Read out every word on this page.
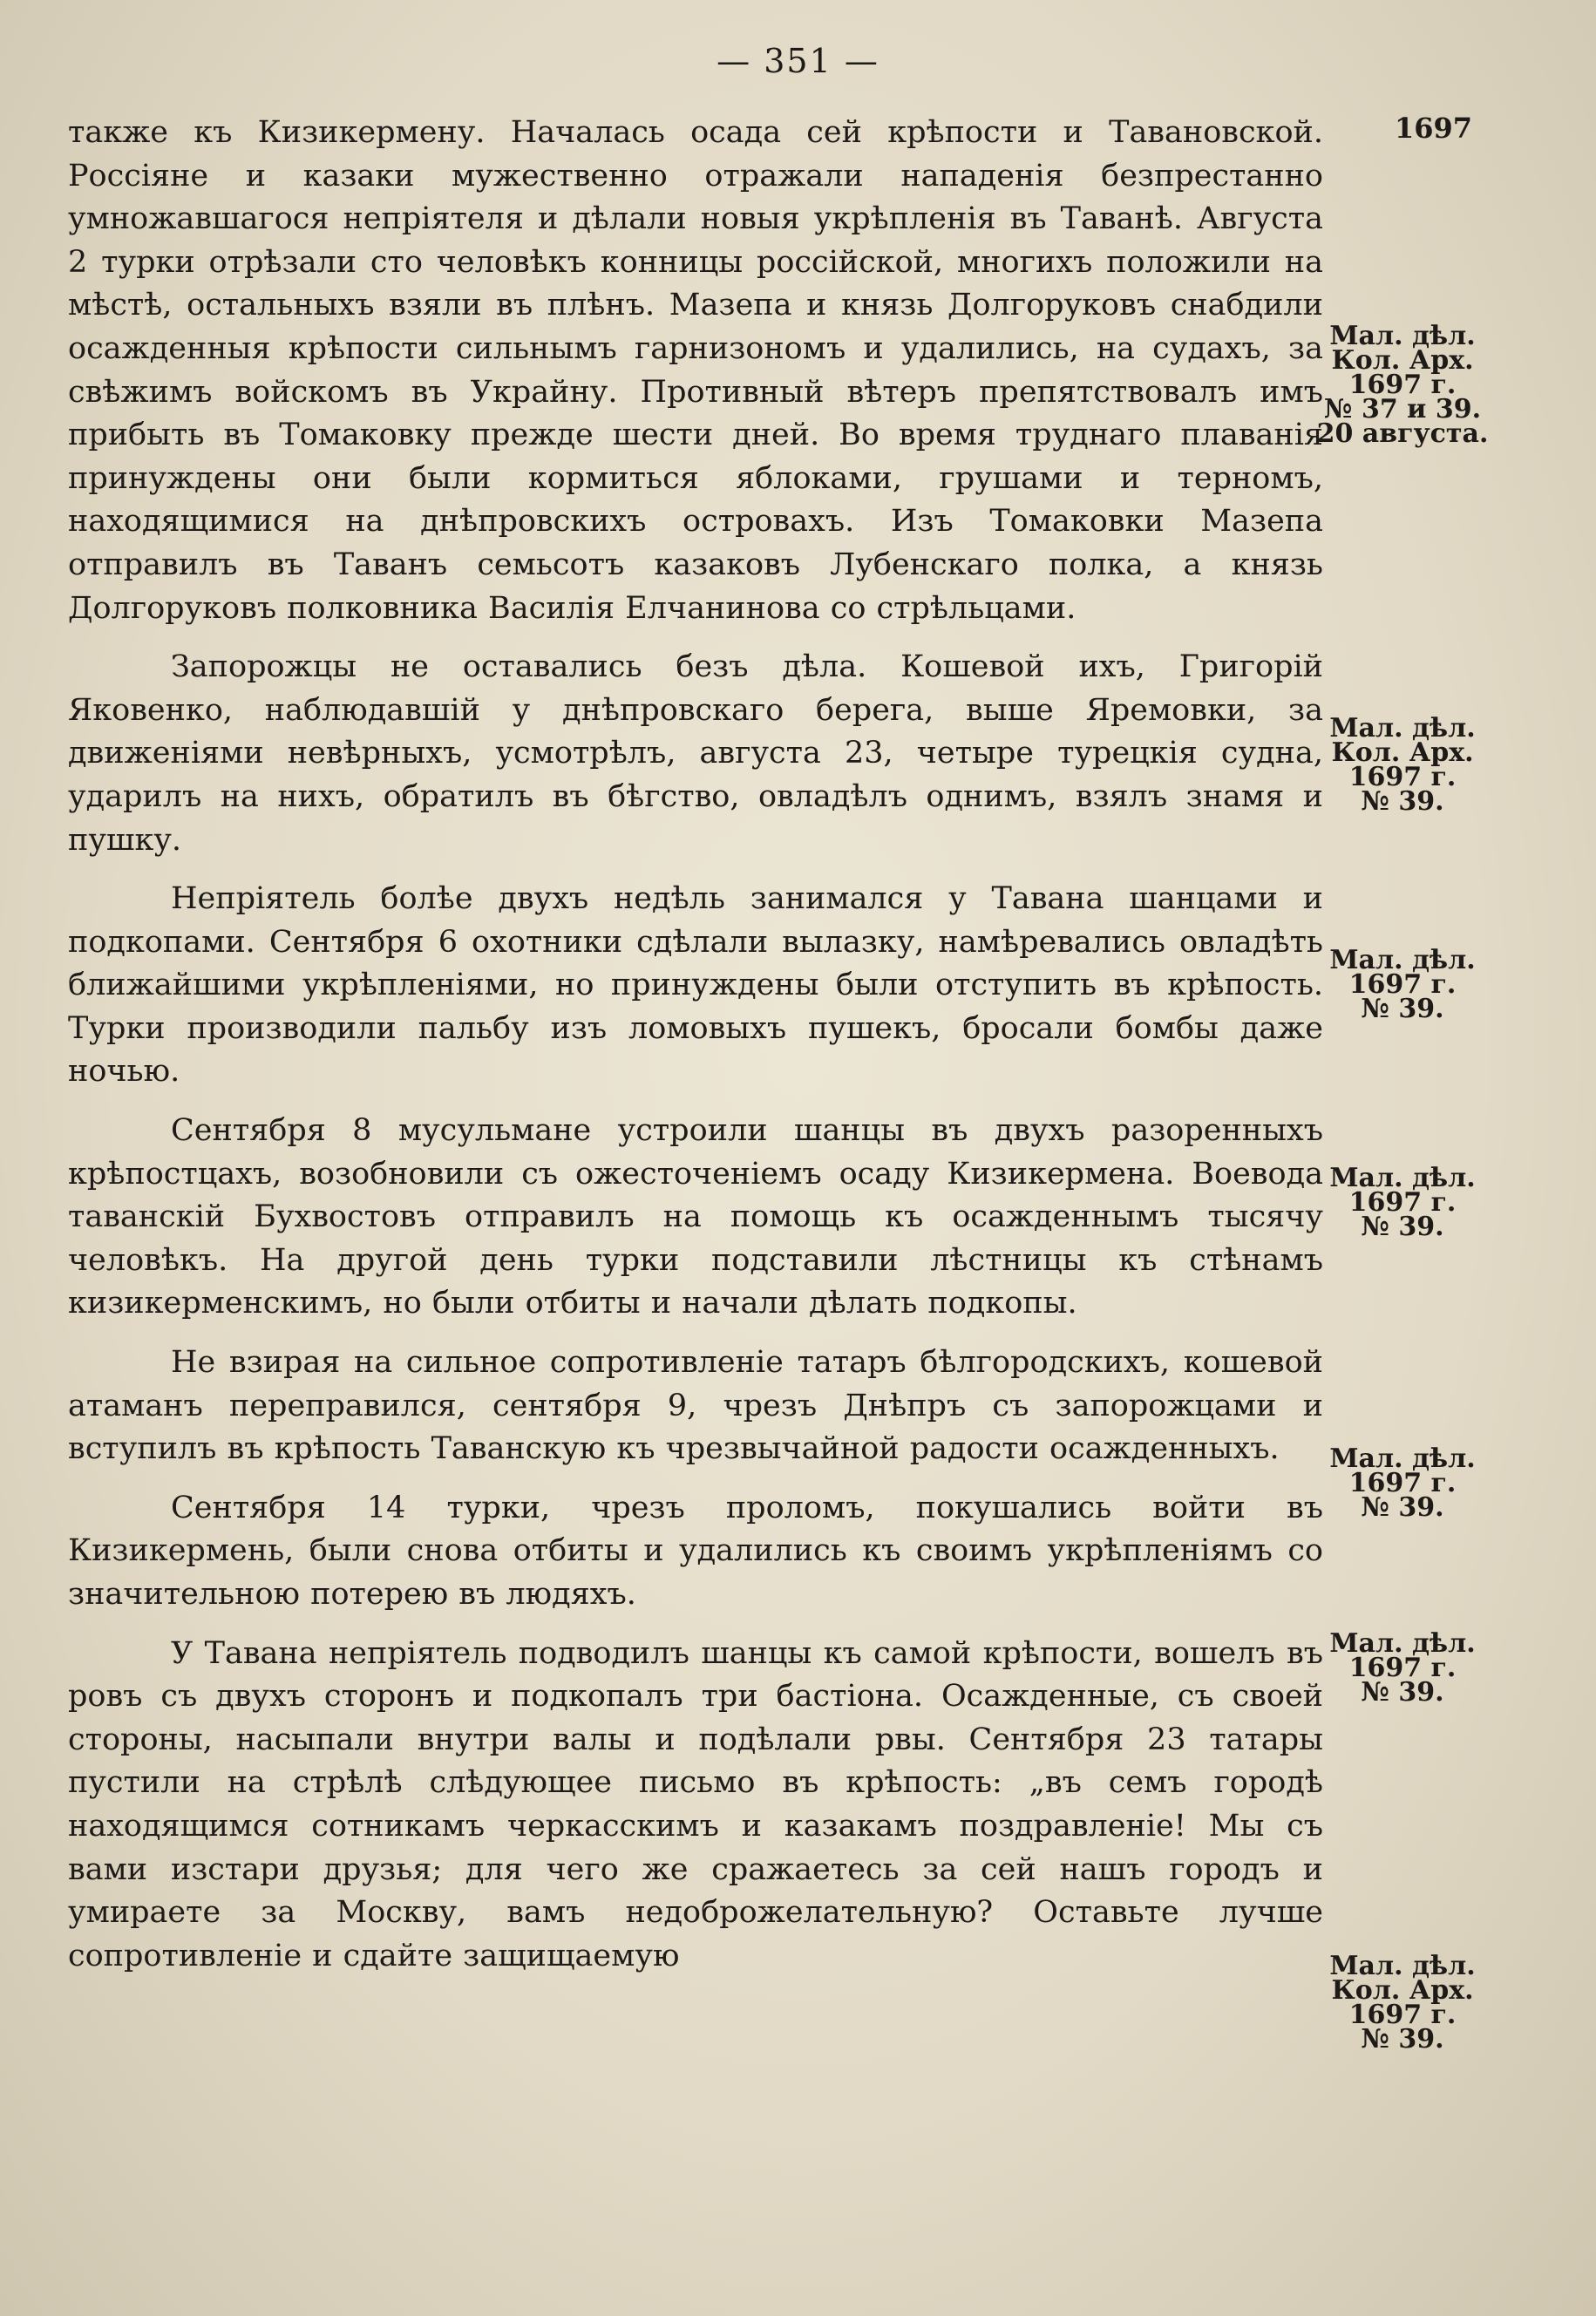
— 351 —
1697

также къ Кизикермену. Началась осада сей крѣпости и Тавановской. Россіяне и казаки мужественно отражали нападенія безпрестанно умножавшагося непріятеля и дѣлали новыя укрѣпленія въ Таванѣ. Августа 2 турки отрѣзали сто человѣкъ конницы россійской, многихъ положили на мѣстѣ, остальныхъ взяли въ плѣнъ. Мазепа и князь Долгоруковъ снабдили осажденныя крѣпости сильнымъ гарнизономъ и удалились, на судахъ, за свѣжимъ войскомъ въ Украйну. Противный вѣтеръ препятствовалъ имъ прибыть въ Томаковку прежде шести дней. Во время труднаго плаванія принуждены они были кормиться яблоками, грушами и терномъ, находящимися на днѣпровскихъ островахъ. Изъ Томаковки Мазепа отправилъ въ Таванъ семьсотъ казаковъ Лубенскаго полка, а князь Долгоруковъ полковника Василія Елчанинова со стрѣльцами.

Запорожцы не оставались безъ дѣла. Кошевой ихъ, Григорій Яковенко, наблюдавшій у днѣпровскаго берега, выше Яремовки, за движеніями невѣрныхъ, усмотрѣлъ, августа 23, четыре турецкія судна, ударилъ на нихъ, обратилъ въ бѣгство, овладѣлъ однимъ, взялъ знамя и пушку.

Непріятель болѣе двухъ недѣль занимался у Тавана шанцами и подкопами. Сентября 6 охотники сдѣлали вылазку, намѣревались овладѣть ближайшими укрѣпленіями, но принуждены были отступить въ крѣпость. Турки производили пальбу изъ ломовыхъ пушекъ, бросали бомбы даже ночью.

Сентября 8 мусульмане устроили шанцы въ двухъ разоренныхъ крѣпостцахъ, возобновили съ ожесточеніемъ осаду Кизикермена. Воевода таванскій Бухвостовъ отправилъ на помощь къ осажденнымъ тысячу человѣкъ. На другой день турки подставили лѣстницы къ стѣнамъ кизикерменскимъ, но были отбиты и начали дѣлать подкопы.

Не взирая на сильное сопротивленіе татаръ бѣлгородскихъ, кошевой атаманъ переправился, сентября 9, чрезъ Днѣпръ съ запорожцами и вступилъ въ крѣпость Таванскую къ чрезвычайной радости осажденныхъ.

Сентября 14 турки, чрезъ проломъ, покушались войти въ Кизикермень, были снова отбиты и удалились къ своимъ укрѣпленіямъ со значительною потерею въ людяхъ.

У Тавана непріятель подводилъ шанцы къ самой крѣпости, вошелъ въ ровъ съ двухъ сторонъ и подкопалъ три бастіона. Осажденные, съ своей стороны, насыпали внутри валы и подѣлали рвы. Сентября 23 татары пустили на стрѣлѣ слѣдующее письмо въ крѣпость: „въ семъ городѣ находящимся сотникамъ черкасскимъ и казакамъ поздравленіе! Мы съ вами изстари друзья; для чего же сражаетесь за сей нашъ городъ и умираете за Москву, вамъ недоброжелательную? Оставьте лучше сопротивленіе и сдайте защищаемую

Мал. дѣл.
Кол. Арх.
1697 г.
№ 37 и 39.
20 августа.
Мал. дѣл.
Кол. Арх.
1697 г.
№ 39.
Мал. дѣл.
1697 г.
№ 39.
Мал. дѣл.
1697 г.
№ 39.
Мал. дѣл.
1697 г.
№ 39.
Мал. дѣл.
1697 г.
№ 39.
Мал. дѣл.
Кол. Арх.
1697 г.
№ 39.
